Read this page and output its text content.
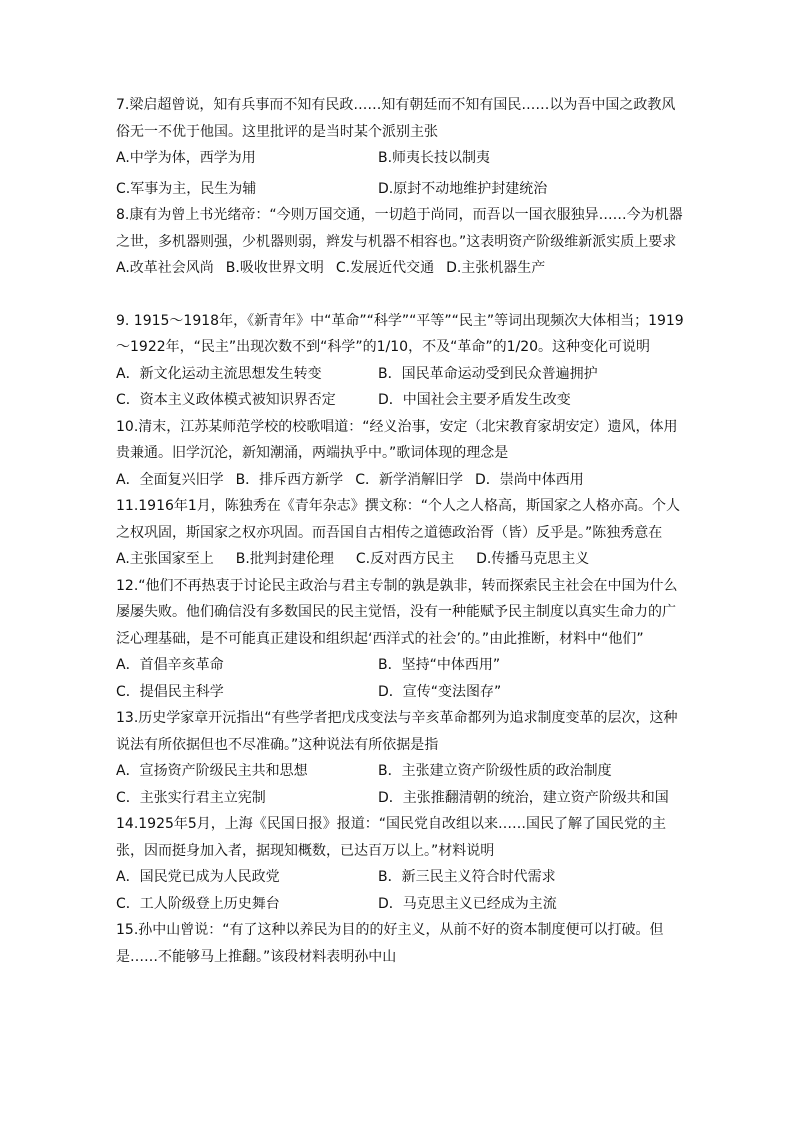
7.梁启超曾说，知有兵事而不知有民政……知有朝廷而不知有国民……以为吾中国之政教风俗无一不优于他国。这里批评的是当时某个派别主张
A.中学为体，西学为用	B.师夷长技以制夷
C.军事为主，民生为辅	D.原封不动地维护封建统治
8.康有为曾上书光绪帝：“今则万国交通，一切趋于尚同，而吾以一国衣服独异……今为机器之世，多机器则强，少机器则弱，辫发与机器不相容也。”这表明资产阶级维新派实质上要求
A.改革社会风尚 B.吸收世界文明 C.发展近代交通 D.主张机器生产
9. 1915～1918年，《新青年》中“革命”“科学”“平等”“民主”等词出现频次大体相当；1919～1922年，“民主”出现次数不到“科学”的1/10，不及“革命”的1/20。这种变化可说明
A．新文化运动主流思想发生转变	B．国民革命运动受到民众普遍拥护
C．资本主义政体模式被知识界否定	D．中国社会主要矛盾发生改变
10.清末，江苏某师范学校的校歌唱道：“经义治事，安定（北宋教育家胡安定）遗风，体用贵兼通。旧学沉沦，新知潮涌，两端执乎中。”歌词体现的理念是
A．全面复兴旧学 B．排斥西方新学 C．新学消解旧学 D．崇尚中体西用
11.1916年1月，陈独秀在《青年杂志》撰文称：“个人之人格高，斯国家之人格亦高。个人之权巩固，斯国家之权亦巩固。而吾国自古相传之道德政治胥（皆）反乎是。”陈独秀意在
A.主张国家至上 B.批判封建伦理 C.反对西方民主 D.传播马克思主义
12.“他们不再热衷于讨论民主政治与君主专制的孰是孰非，转而探索民主社会在中国为什么屡屡失败。他们确信没有多数国民的民主觉悟，没有一种能赋予民主制度以真实生命力的广泛心理基础，是不可能真正建设和组织起‘西洋式的社会’的。”由此推断，材料中“他们”
A．首倡辛亥革命	B．坚持“中体西用”
C．提倡民主科学	D．宣传“变法图存”
13.历史学家章开沅指出“有些学者把戊戌变法与辛亥革命都列为追求制度变革的层次，这种说法有所依据但也不尽准确。”这种说法有所依据是指
A．宣扬资产阶级民主共和思想	B．主张建立资产阶级性质的政治制度
C．主张实行君主立宪制	D．主张推翻清朝的统治，建立资产阶级共和国
14.1925年5月，上海《民国日报》报道：“国民党自改组以来……国民了解了国民党的主张，因而挺身加入者，据现知概数，已达百万以上。”材料说明
A．国民党已成为人民政党	B．新三民主义符合时代需求
C．工人阶级登上历史舞台	D．马克思主义已经成为主流
15.孙中山曾说：“有了这种以养民为目的的好主义，从前不好的资本制度便可以打破。但是……不能够马上推翻。”该段材料表明孙中山
